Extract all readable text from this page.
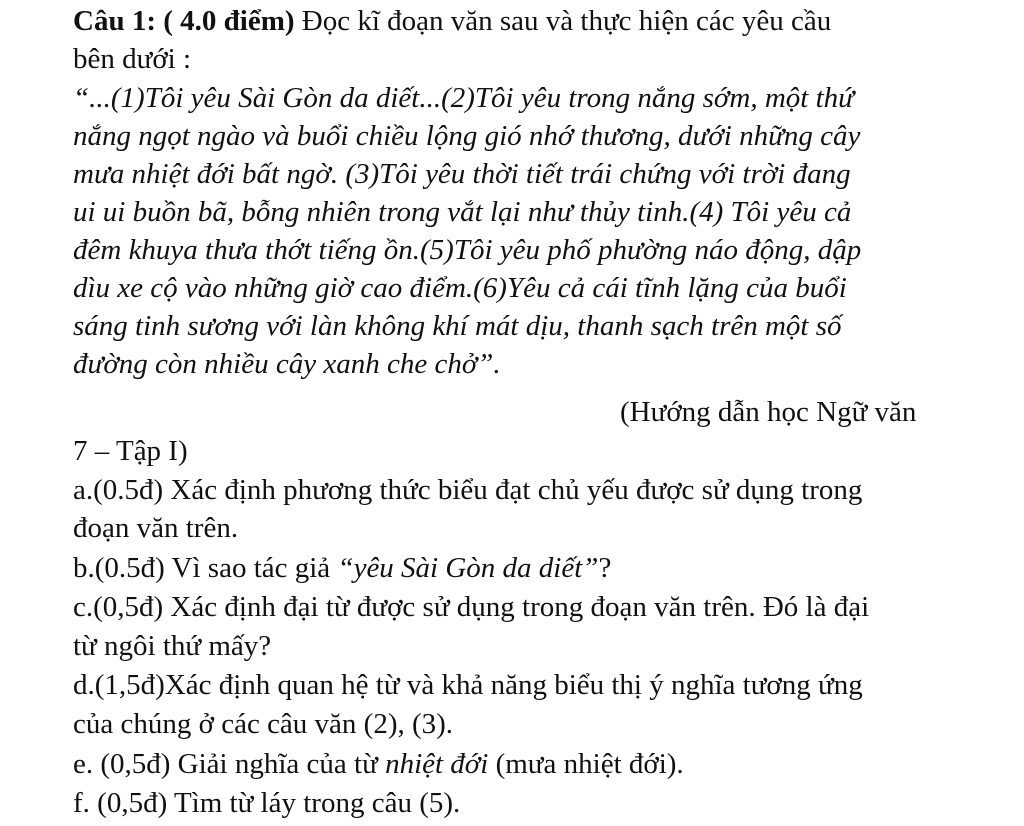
Câu 1: ( 4.0 điểm) Đọc kĩ đoạn văn sau và thực hiện các yêu cầu
bên dưới :
“...(1)Tôi yêu Sài Gòn da diết...(2)Tôi yêu trong nắng sớm, một thứ
nắng ngọt ngào và buổi chiều lộng gió nhớ thương, dưới những cây
mưa nhiệt đới bất ngờ. (3)Tôi yêu thời tiết trái chứng với trời đang
ui ui buồn bã, bỗng nhiên trong vắt lại như thủy tinh.(4) Tôi yêu cả
đêm khuya thưa thớt tiếng ồn.(5)Tôi yêu phố phường náo động, dập
dìu xe cộ vào những giờ cao điểm.(6)Yêu cả cái tĩnh lặng của buổi
sáng tinh sương với làn không khí mát dịu, thanh sạch trên một số
đường còn nhiều cây xanh che chở”.
(Hướng dẫn học Ngữ văn
7 – Tập I)
a.(0.5đ) Xác định phương thức biểu đạt chủ yếu được sử dụng trong
đoạn văn trên.
b.(0.5đ) Vì sao tác giả “yêu Sài Gòn da diết”?
c.(0,5đ) Xác định đại từ được sử dụng trong đoạn văn trên. Đó là đại
từ ngôi thứ mấy?
d.(1,5đ)Xác định quan hệ từ và khả năng biểu thị ý nghĩa tương ứng
của chúng ở các câu văn (2), (3).
e. (0,5đ) Giải nghĩa của từ nhiệt đới (mưa nhiệt đới).
f. (0,5đ) Tìm từ láy trong câu (5).
